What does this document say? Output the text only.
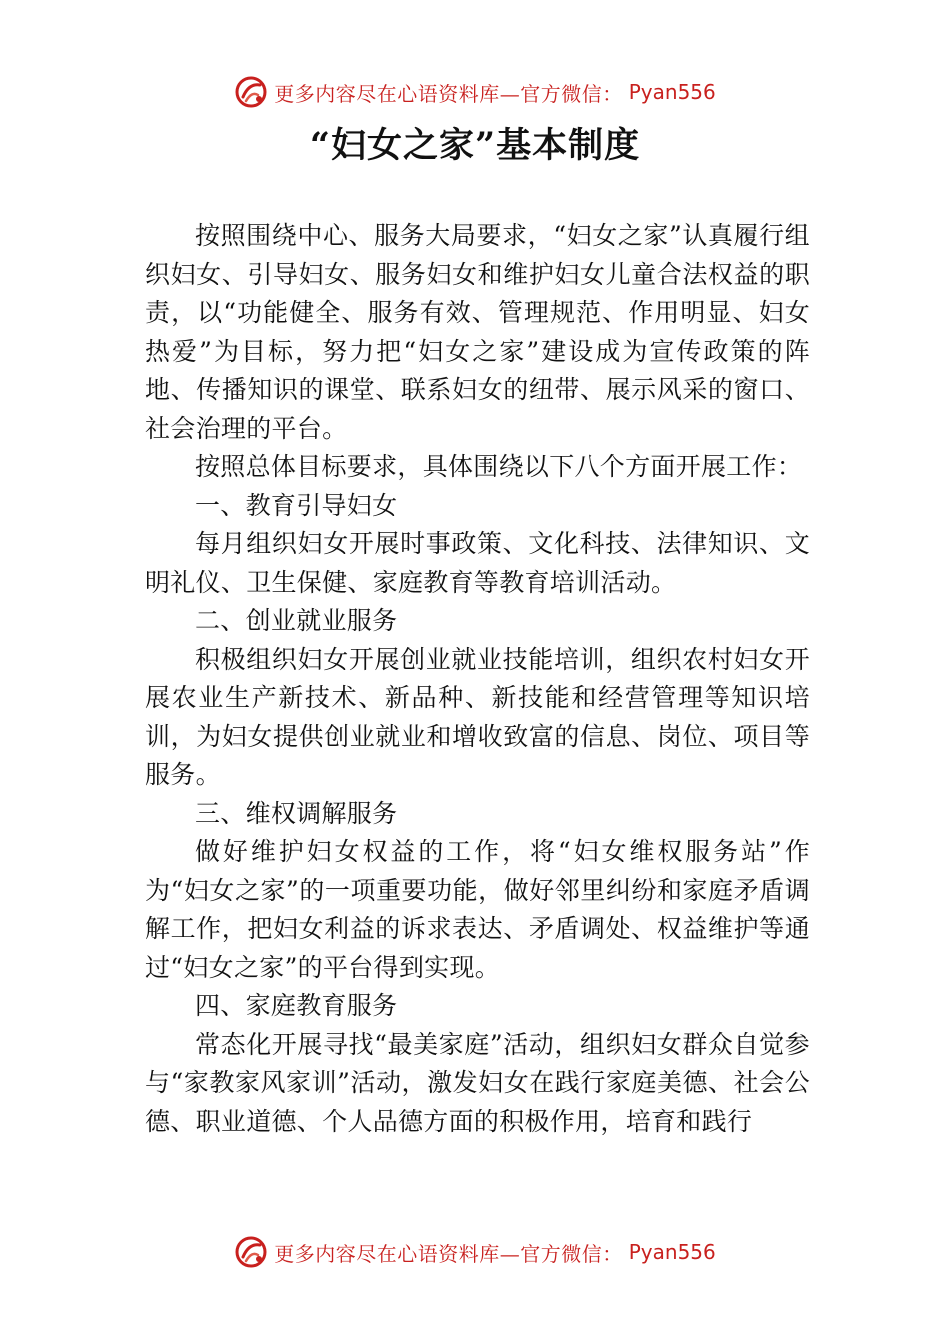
更多内容尽在心语资料库—官方微信： Pyan556
“妇女之家”基本制度

按照围绕中心、服务大局要求，“妇女之家”认真履行组织妇女、引导妇女、服务妇女和维护妇女儿童合法权益的职责，以“功能健全、服务有效、管理规范、作用明显、妇女热爱”为目标，努力把“妇女之家”建设成为宣传政策的阵地、传播知识的课堂、联系妇女的纽带、展示风采的窗口、社会治理的平台。

按照总体目标要求，具体围绕以下八个方面开展工作：

一、教育引导妇女

每月组织妇女开展时事政策、文化科技、法律知识、文明礼仪、卫生保健、家庭教育等教育培训活动。

二、创业就业服务

积极组织妇女开展创业就业技能培训，组织农村妇女开展农业生产新技术、新品种、新技能和经营管理等知识培训，为妇女提供创业就业和增收致富的信息、岗位、项目等服务。

三、维权调解服务

做好维护妇女权益的工作，将“妇女维权服务站”作为“妇女之家”的一项重要功能，做好邻里纠纷和家庭矛盾调解工作，把妇女利益的诉求表达、矛盾调处、权益维护等通过“妇女之家”的平台得到实现。

四、家庭教育服务

常态化开展寻找“最美家庭”活动，组织妇女群众自觉参与“家教家风家训”活动，激发妇女在践行家庭美德、社会公德、职业道德、个人品德方面的积极作用，培育和践行

更多内容尽在心语资料库—官方微信： Pyan556
